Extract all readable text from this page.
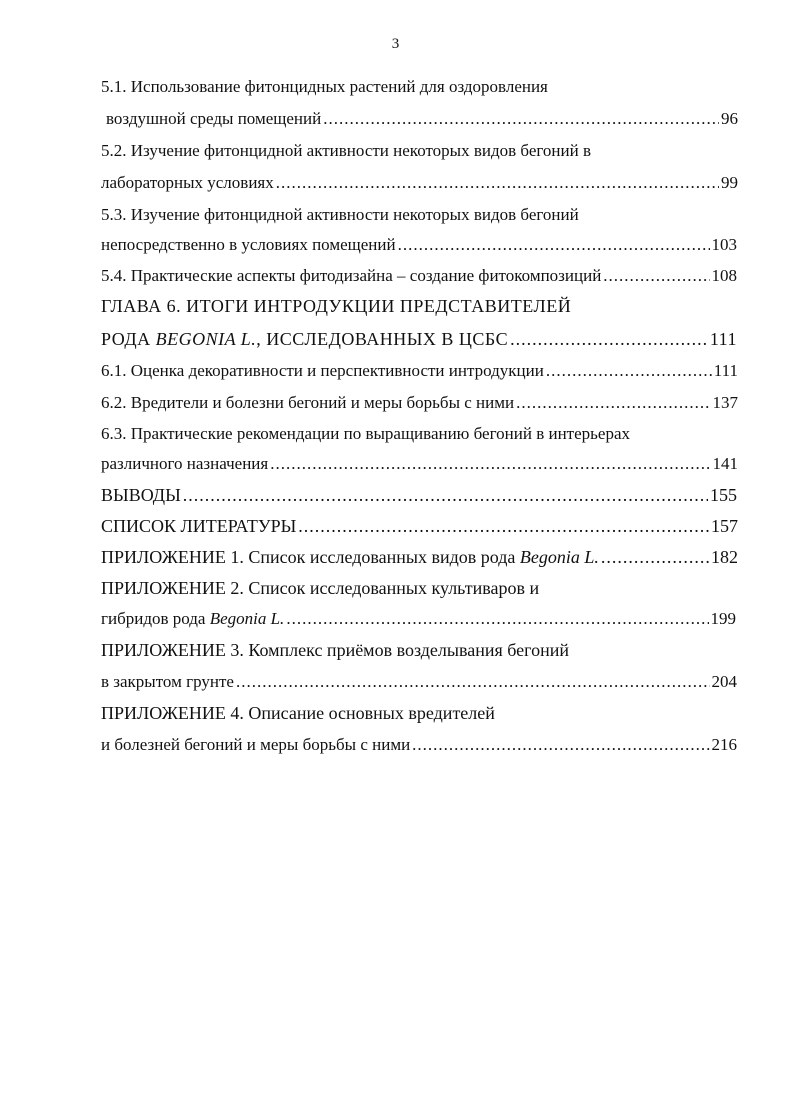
3
5.1. Использование фитонцидных растений для оздоровления
воздушной среды помещений .....	96
5.2. Изучение фитонцидной активности некоторых видов бегоний в
лабораторных условиях .....	99
5.3. Изучение фитонцидной активности некоторых видов бегоний
непосредственно в условиях помещений .....	103
5.4. Практические аспекты фитодизайна – создание фитокомпозиций .....	108
ГЛАВА 6. ИТОГИ ИНТРОДУКЦИИ ПРЕДСТАВИТЕЛЕЙ
РОДА BEGONIA L., ИССЛЕДОВАННЫХ В ЦСБС .....	111
6.1. Оценка декоративности и перспективности интродукции .....	111
6.2. Вредители и болезни бегоний и меры борьбы с ними .....	137
6.3. Практические рекомендации по выращиванию бегоний в интерьерах
различного назначения .....	141
ВЫВОДЫ .....	155
СПИСОК ЛИТЕРАТУРЫ .....	157
ПРИЛОЖЕНИЕ 1. Список исследованных видов рода Begonia L. .....	182
ПРИЛОЖЕНИЕ 2. Список исследованных культиваров и
гибридов рода Begonia L. .....	199
ПРИЛОЖЕНИЕ 3. Комплекс приёмов возделывания бегоний
в закрытом грунте .....	204
ПРИЛОЖЕНИЕ 4. Описание основных вредителей
и болезней бегоний и меры борьбы с ними .....	216
